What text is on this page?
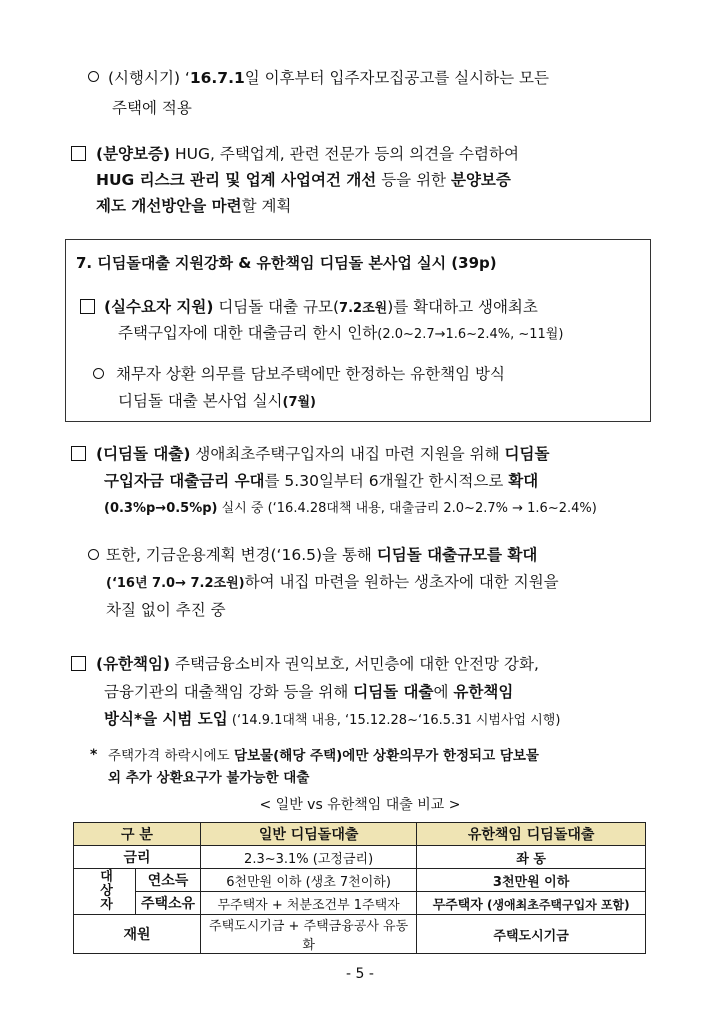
(시행시기) ‘16.7.1일 이후부터 입주자모집공고를 실시하는 모든
주택에 적용
(분양보증) HUG, 주택업계, 관련 전문가 등의 의견을 수렴하여
HUG 리스크 관리 및 업계 사업여건 개선 등을 위한 분양보증
제도 개선방안을 마련할 계획
7. 디딤돌대출 지원강화 & 유한책임 디딤돌 본사업 실시 (39p)
(실수요자 지원) 디딤돌 대출 규모(7.2조원)를 확대하고 생애최초
주택구입자에 대한 대출금리 한시 인하(2.0~2.7→1.6~2.4%, ~11월)
채무자 상환 의무를 담보주택에만 한정하는 유한책임 방식
디딤돌 대출 본사업 실시(7월)
(디딤돌 대출) 생애최초주택구입자의 내집 마련 지원을 위해 디딤돌
구입자금 대출금리 우대를 5.30일부터 6개월간 한시적으로 확대
(0.3%p→0.5%p) 실시 중 (‘16.4.28대책 내용, 대출금리 2.0~2.7% → 1.6~2.4%)
또한, 기금운용계획 변경(‘16.5)을 통해 디딤돌 대출규모를 확대
(‘16년 7.0→ 7.2조원)하여 내집 마련을 원하는 생초자에 대한 지원을
차질 없이 추진 중
(유한책임) 주택금융소비자 권익보호, 서민층에 대한 안전망 강화,
금융기관의 대출책임 강화 등을 위해 디딤돌 대출에 유한책임
방식*을 시범 도입 (‘14.9.1대책 내용, ‘15.12.28~‘16.5.31 시범사업 시행)
* 주택가격 하락시에도 담보물(해당 주택)에만 상환의무가 한정되고 담보물
외 추가 상환요구가 불가능한 대출
< 일반 vs 유한책임 대출 비교 >
구 분		일반 디딤돌대출	유한책임 디딤돌대출
금리		2.3~3.1% (고정금리)	좌 동
대상자	연소득	6천만원 이하 (생초 7천이하)	3천만원 이하
	주택소유	무주택자 + 처분조건부 1주택자	무주택자 (생애최초주택구입자 포함)
재원		주택도시기금 + 주택금융공사 유동화	주택도시기금
- 5 -
